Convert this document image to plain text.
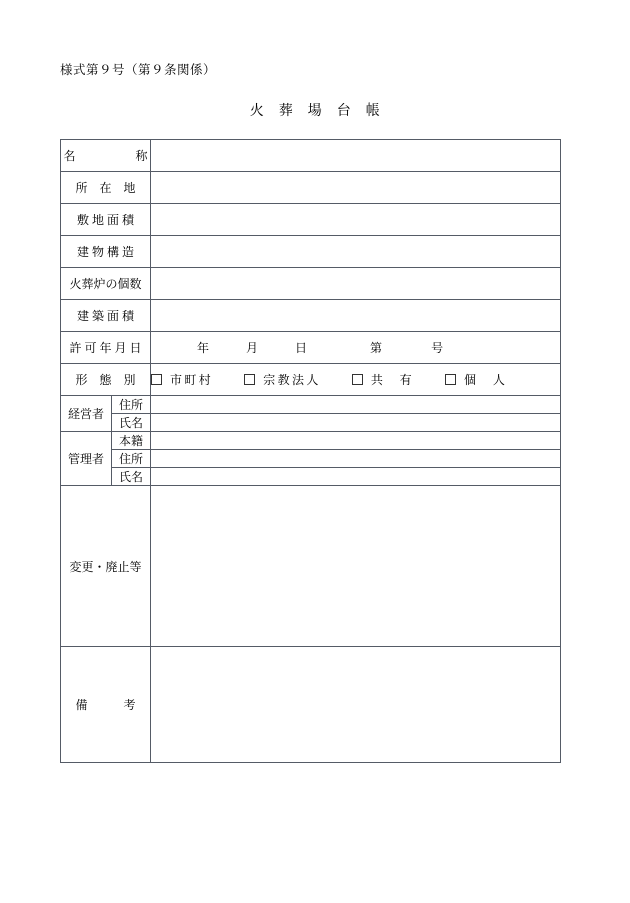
様式第９号（第９条関係）
火　葬　場　台　帳
名　　　　　称		
所　在　地		
敷 地 面 積		
建 物 構 造		
火葬炉の個数		
建 築 面 積		
許 可 年 月 日		年 月 日 第 号
形　態　別		市町村 宗教法人 共　有 個　人
経営者	住所	
	氏名	
管理者	本籍	
	住所	
	氏名	
変更・廃止等		
備　　　考		
